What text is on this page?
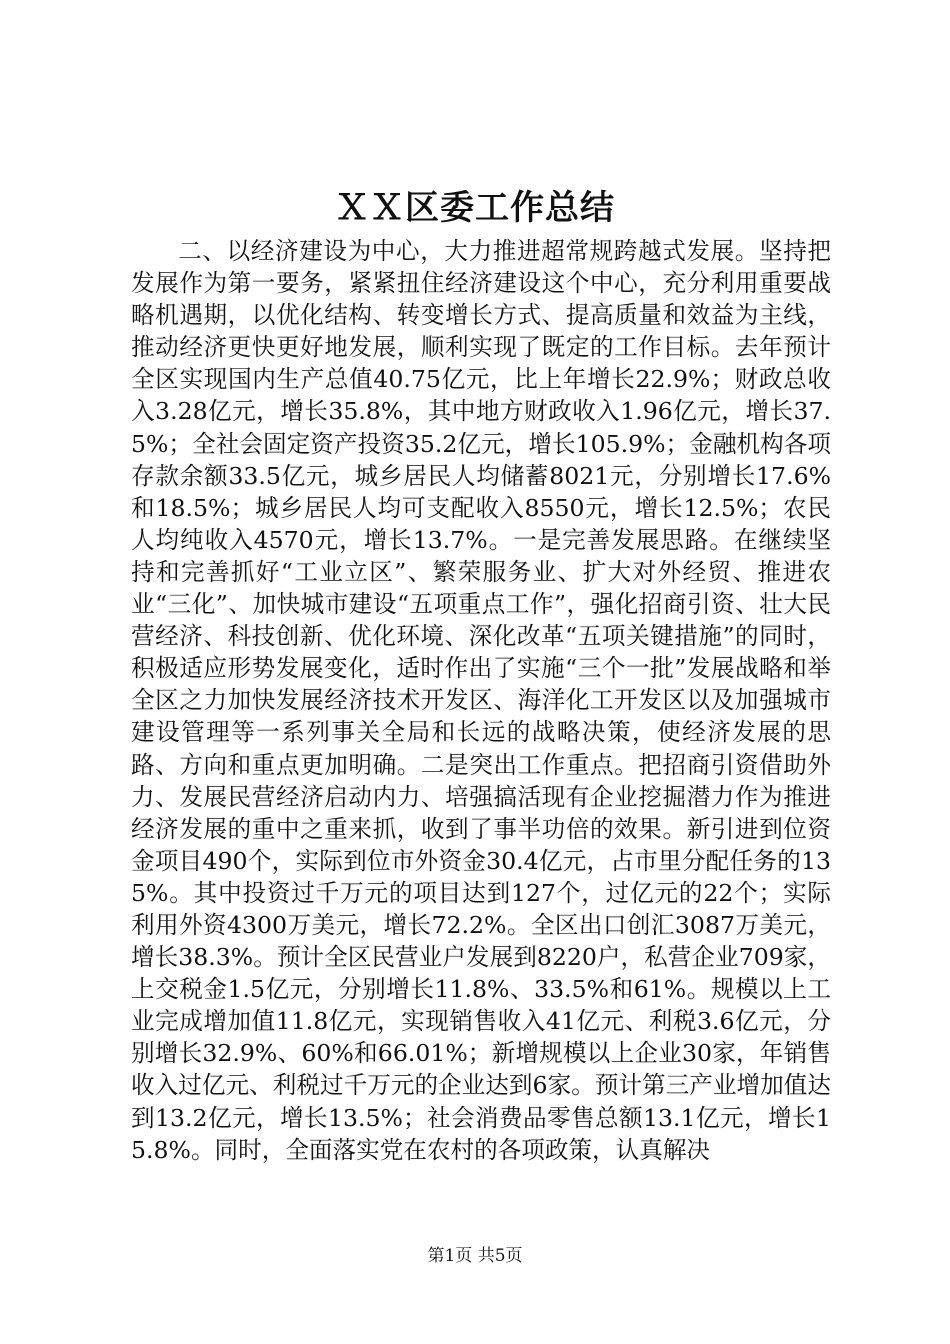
ＸＸ区委工作总结

二、以经济建设为中心，大力推进超常规跨越式发展。坚持把发展作为第一要务，紧紧扭住经济建设这个中心，充分利用重要战略机遇期，以优化结构、转变增长方式、提高质量和效益为主线，推动经济更快更好地发展，顺利实现了既定的工作目标。去年预计全区实现国内生产总值40.75亿元，比上年增长22.9%；财政总收入3.28亿元，增长35.8%，其中地方财政收入1.96亿元，增长37.5%；全社会固定资产投资35.2亿元，增长105.9%；金融机构各项存款余额33.5亿元，城乡居民人均储蓄8021元，分别增长17.6%和18.5%；城乡居民人均可支配收入8550元，增长12.5%；农民人均纯收入4570元，增长13.7%。一是完善发展思路。在继续坚持和完善抓好“工业立区”、繁荣服务业、扩大对外经贸、推进农业“三化”、加快城市建设“五项重点工作”，强化招商引资、壮大民营经济、科技创新、优化环境、深化改革“五项关键措施”的同时，积极适应形势发展变化，适时作出了实施“三个一批”发展战略和举全区之力加快发展经济技术开发区、海洋化工开发区以及加强城市建设管理等一系列事关全局和长远的战略决策，使经济发展的思路、方向和重点更加明确。二是突出工作重点。把招商引资借助外力、发展民营经济启动内力、培强搞活现有企业挖掘潜力作为推进经济发展的重中之重来抓，收到了事半功倍的效果。新引进到位资金项目490个，实际到位市外资金30.4亿元，占市里分配任务的135%。其中投资过千万元的项目达到127个，过亿元的22个；实际利用外资4300万美元，增长72.2%。全区出口创汇3087万美元，增长38.3%。预计全区民营业户发展到8220户，私营企业709家，上交税金1.5亿元，分别增长11.8%、33.5%和61%。规模以上工业完成增加值11.8亿元，实现销售收入41亿元、利税3.6亿元，分别增长32.9%、60%和66.01%；新增规模以上企业30家，年销售收入过亿元、利税过千万元的企业达到6家。预计第三产业增加值达到13.2亿元，增长13.5%；社会消费品零售总额13.1亿元，增长15.8%。同时，全面落实党在农村的各项政策，认真解决

第1页 共5页
